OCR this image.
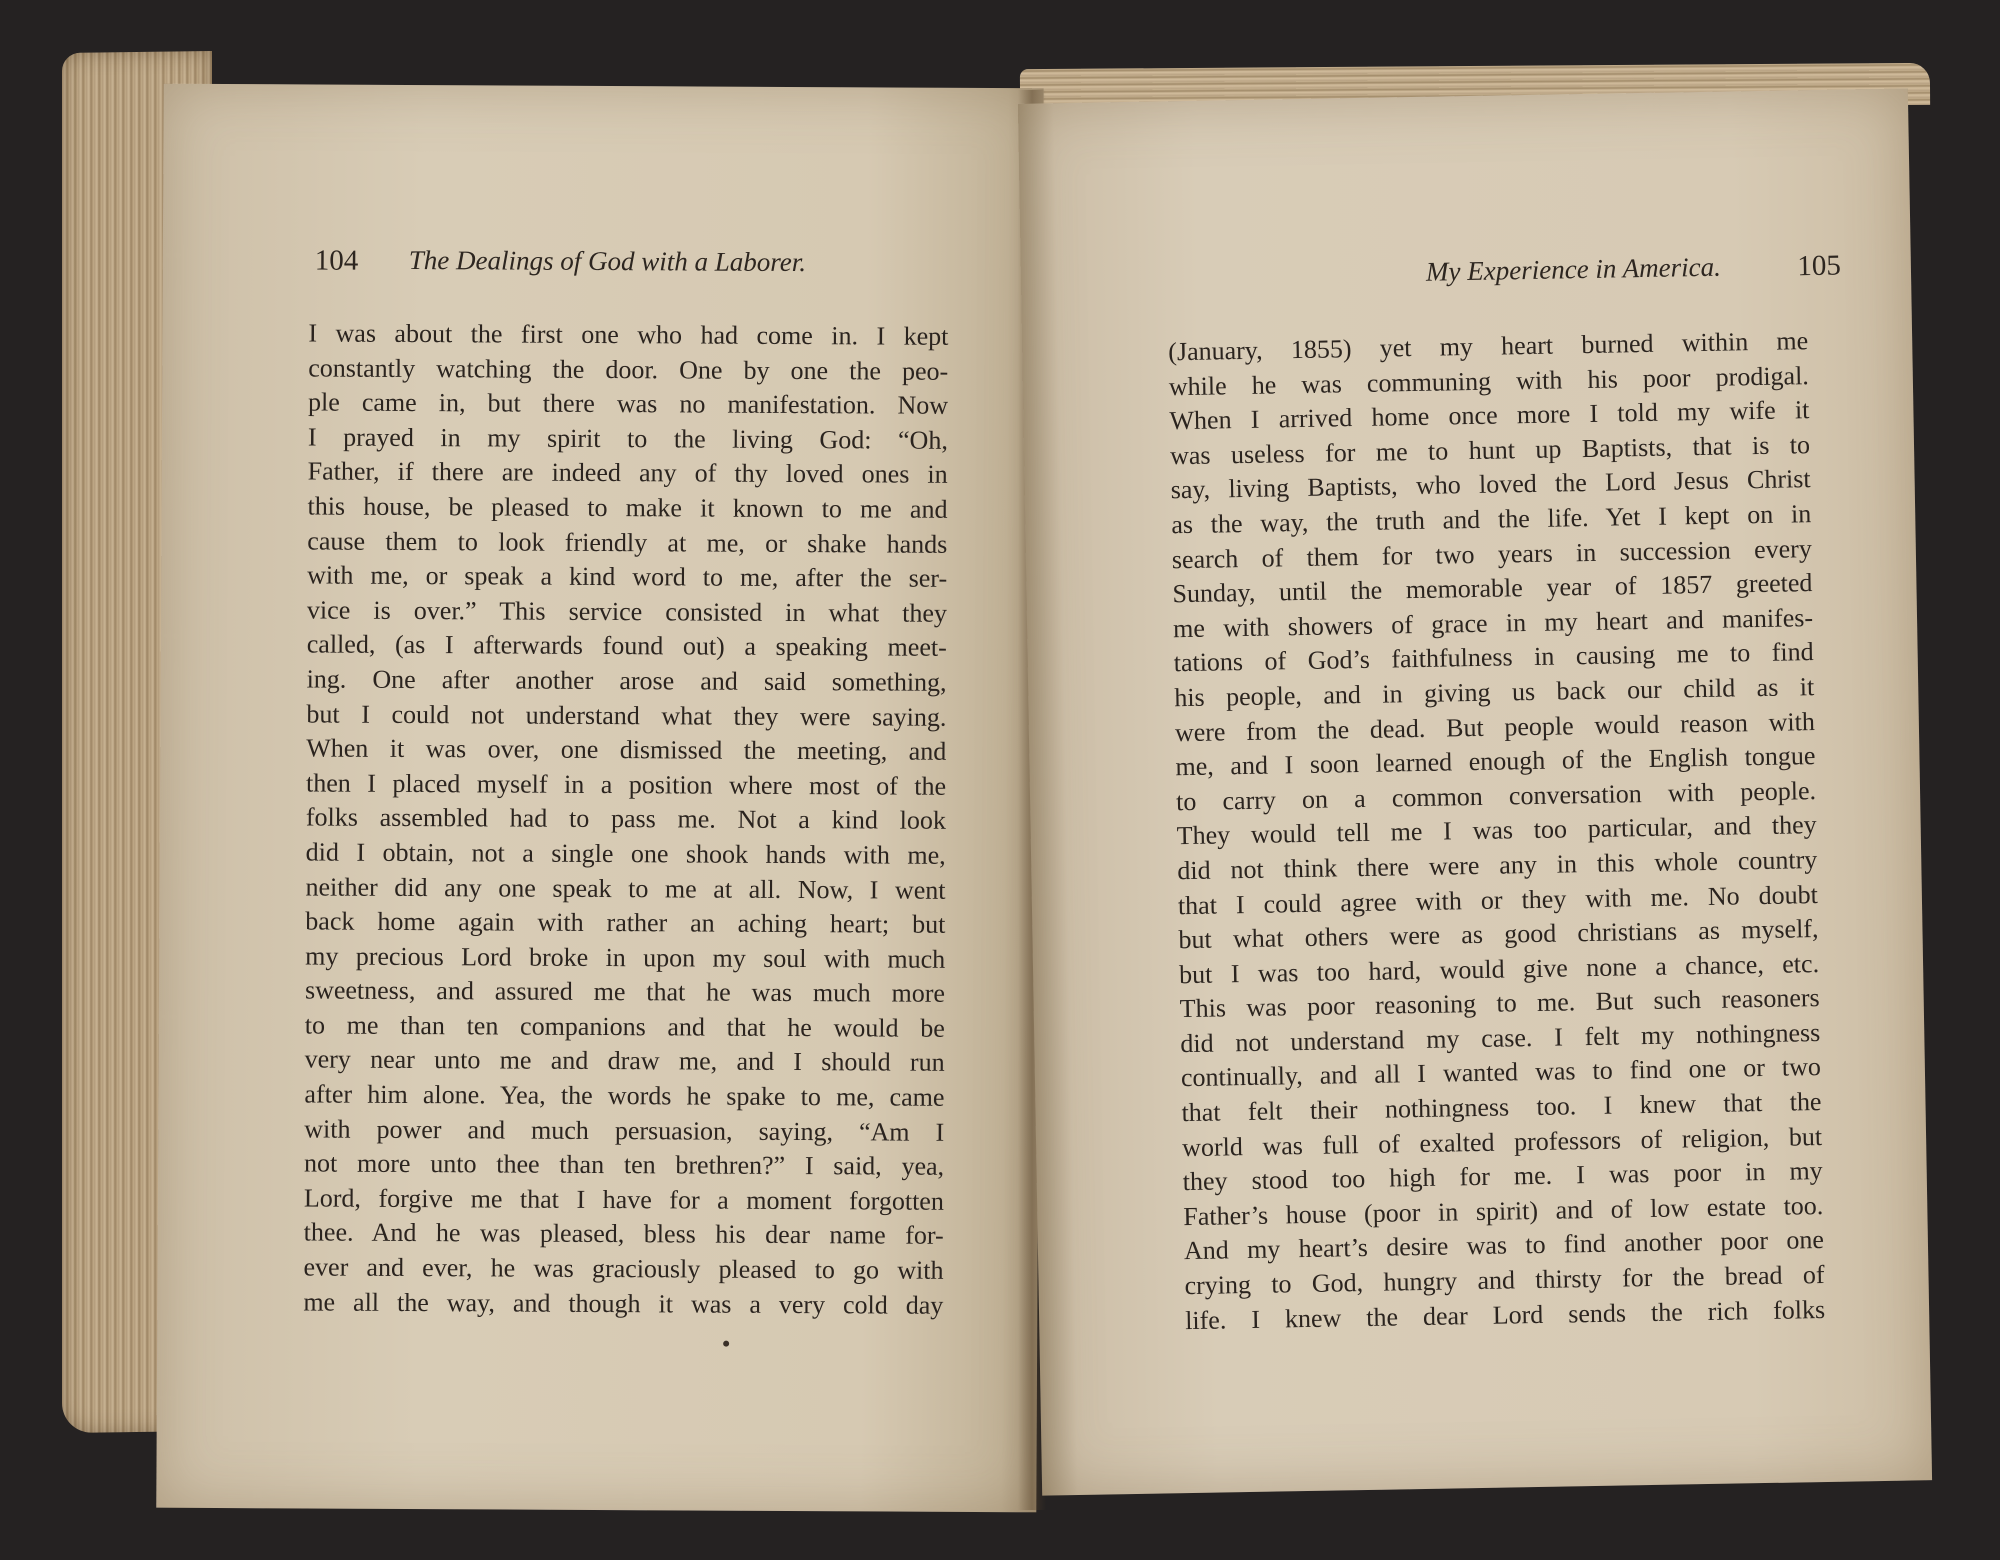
104 The Dealings of God with a Laborer.
I was about the first one who had come in. I kept
constantly watching the door. One by one the peo-
ple came in, but there was no manifestation. Now
I prayed in my spirit to the living God: “Oh,
Father, if there are indeed any of thy loved ones in
this house, be pleased to make it known to me and
cause them to look friendly at me, or shake hands
with me, or speak a kind word to me, after the ser-
vice is over.” This service consisted in what they
called, (as I afterwards found out) a speaking meet-
ing. One after another arose and said something,
but I could not understand what they were saying.
When it was over, one dismissed the meeting, and
then I placed myself in a position where most of the
folks assembled had to pass me. Not a kind look
did I obtain, not a single one shook hands with me,
neither did any one speak to me at all. Now, I went
back home again with rather an aching heart; but
my precious Lord broke in upon my soul with much
sweetness, and assured me that he was much more
to me than ten companions and that he would be
very near unto me and draw me, and I should run
after him alone. Yea, the words he spake to me, came
with power and much persuasion, saying, “Am I
not more unto thee than ten brethren?” I said, yea,
Lord, forgive me that I have for a moment forgotten
thee. And he was pleased, bless his dear name for-
ever and ever, he was graciously pleased to go with
me all the way, and though it was a very cold day
My Experience in America.	105
(January, 1855) yet my heart burned within me
while he was communing with his poor prodigal.
When I arrived home once more I told my wife it
was useless for me to hunt up Baptists, that is to
say, living Baptists, who loved the Lord Jesus Christ
as the way, the truth and the life. Yet I kept on in
search of them for two years in succession every
Sunday, until the memorable year of 1857 greeted
me with showers of grace in my heart and manifes-
tations of God’s faithfulness in causing me to find
his people, and in giving us back our child as it
were from the dead. But people would reason with
me, and I soon learned enough of the English tongue
to carry on a common conversation with people.
They would tell me I was too particular, and they
did not think there were any in this whole country
that I could agree with or they with me. No doubt
but what others were as good christians as myself,
but I was too hard, would give none a chance, etc.
This was poor reasoning to me. But such reasoners
did not understand my case. I felt my nothingness
continually, and all I wanted was to find one or two
that felt their nothingness too. I knew that the
world was full of exalted professors of religion, but
they stood too high for me. I was poor in my
Father’s house (poor in spirit) and of low estate too.
And my heart’s desire was to find another poor one
crying to God, hungry and thirsty for the bread of
life. I knew the dear Lord sends the rich folks
